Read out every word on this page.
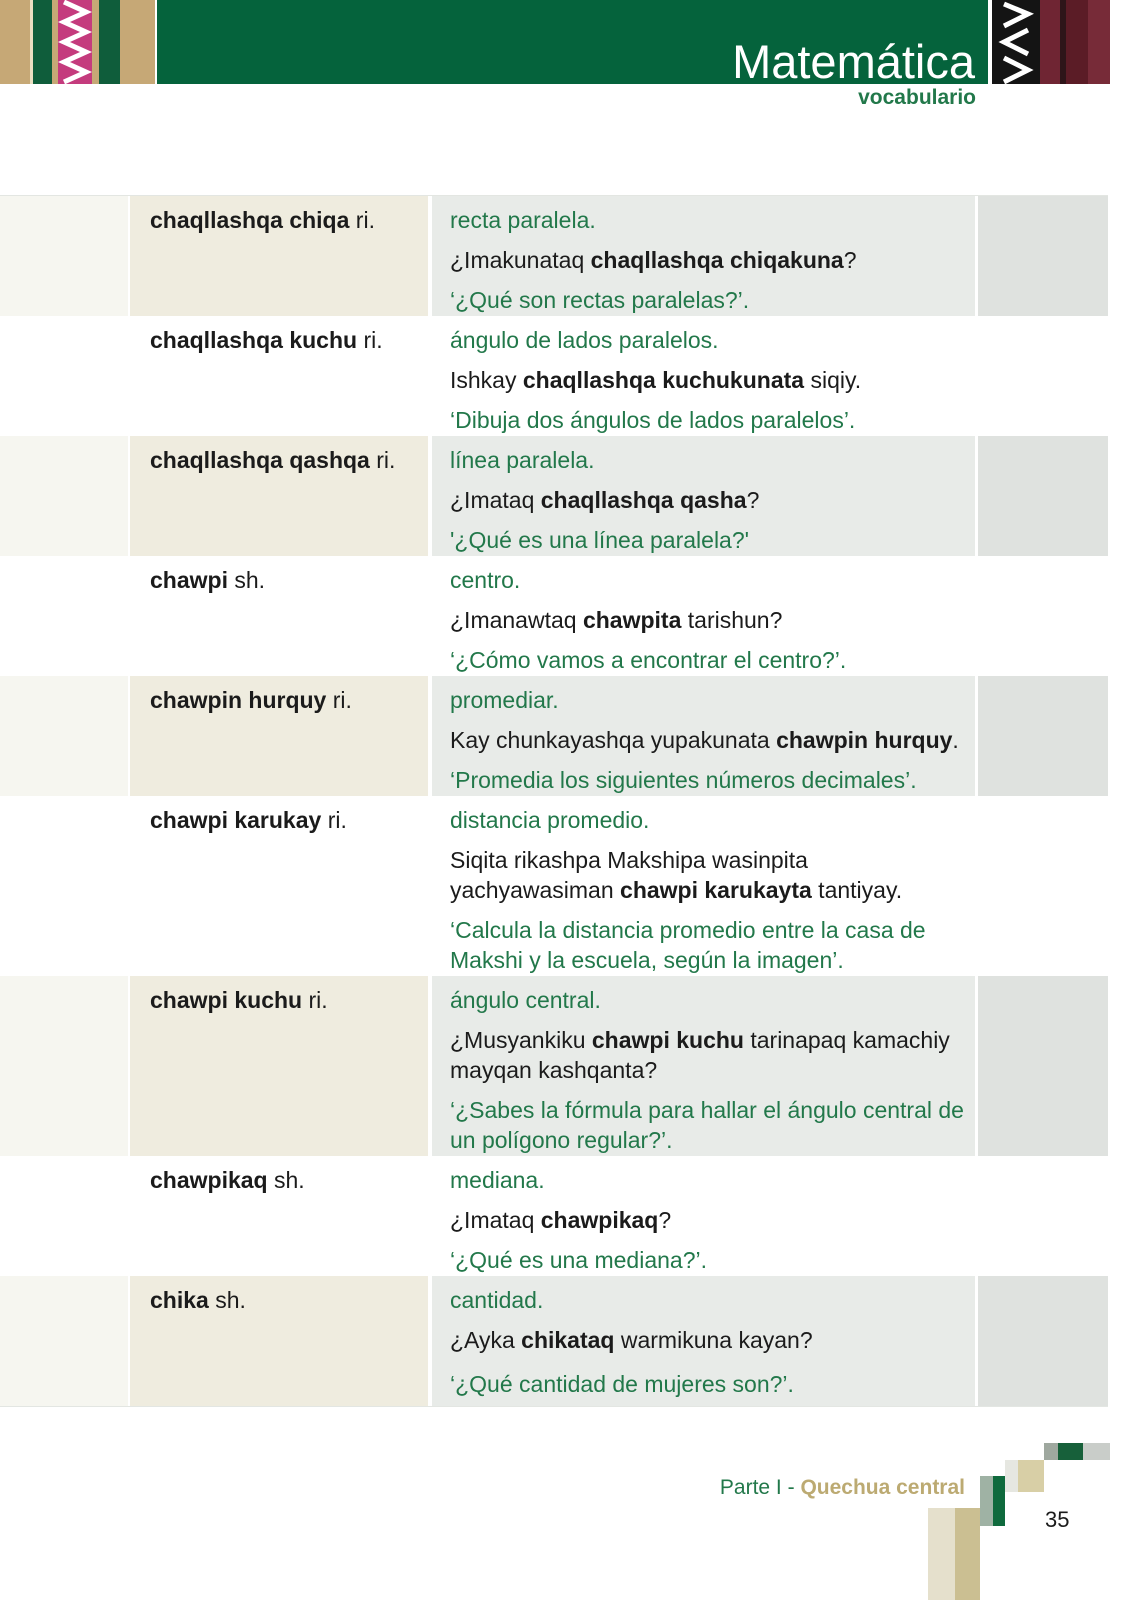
Matemática
vocabulario
chaqllashqa chiqa ri.	recta paralela.
¿Imakunataq chaqllashqa chiqakuna?
‘¿Qué son rectas paralelas?’.
chaqllashqa kuchu ri.	ángulo de lados paralelos.
Ishkay chaqllashqa kuchukunata siqiy.
‘Dibuja dos ángulos de lados paralelos’.
chaqllashqa qashqa ri.	línea paralela.
¿Imataq chaqllashqa qasha?
'¿Qué es una línea paralela?'
chawpi sh.	centro.
¿Imanawtaq chawpita tarishun?
‘¿Cómo vamos a encontrar el centro?’.
chawpin hurquy ri.	promediar.
Kay chunkayashqa yupakunata chawpin hurquy.
‘Promedia los siguientes números decimales’.
chawpi karukay ri.	distancia promedio.
Siqita rikashpa Makshipa wasinpita
yachyawasiman chawpi karukayta tantiyay.
‘Calcula la distancia promedio entre la casa de
Makshi y la escuela, según la imagen’.
chawpi kuchu ri.	ángulo central.
¿Musyankiku chawpi kuchu tarinapaq kamachiy
mayqan kashqanta?
‘¿Sabes la fórmula para hallar el ángulo central de
un polígono regular?’.
chawpikaq sh.	mediana.
¿Imataq chawpikaq?
‘¿Qué es una mediana?’.
chika sh.	cantidad.
¿Ayka chikataq warmikuna kayan?
‘¿Qué cantidad de mujeres son?’.
Parte I - Quechua central
35
